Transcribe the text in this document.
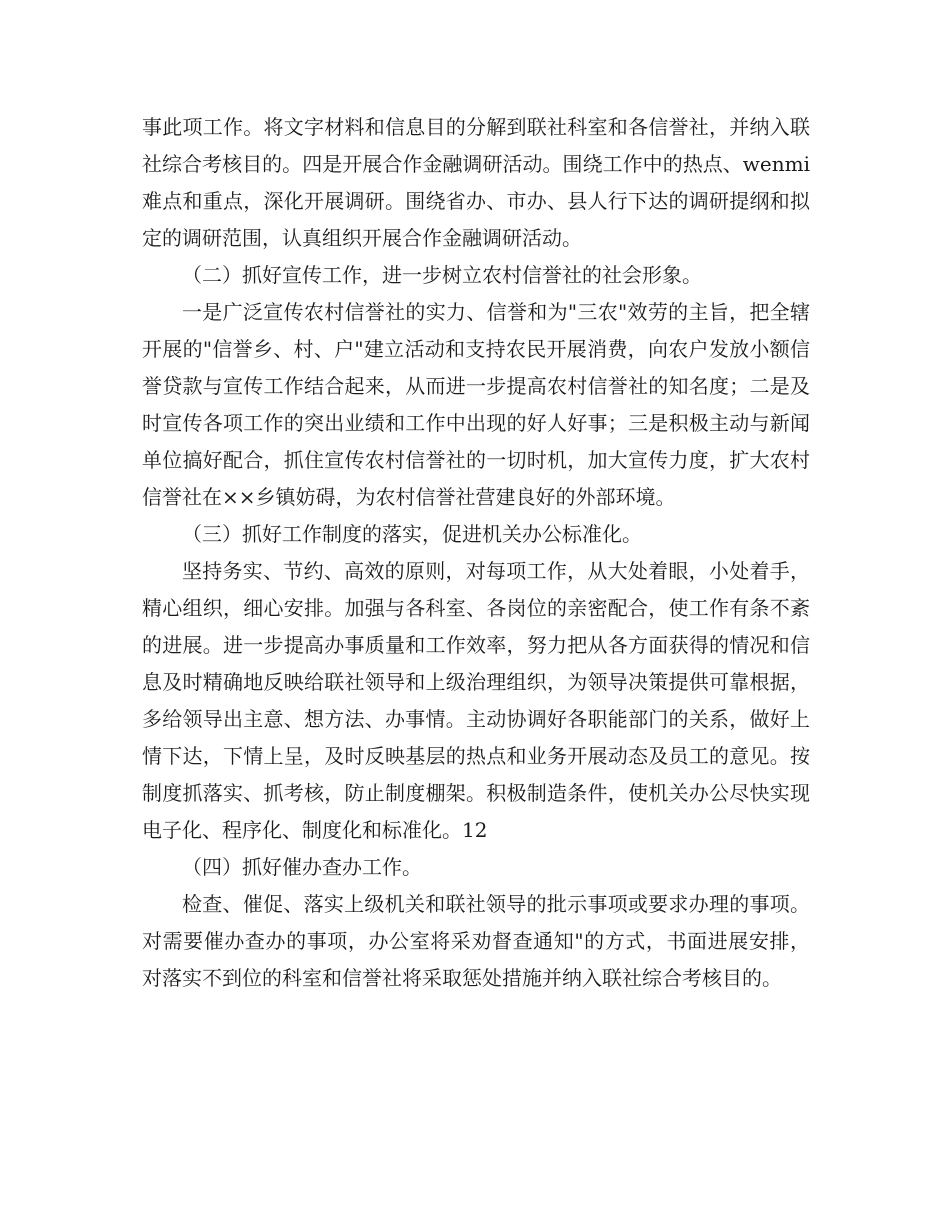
事此项工作。将文字材料和信息目的分解到联社科室和各信誉社，并纳入联社综合考核目的。四是开展合作金融调研活动。围绕工作中的热点、wenmi难点和重点，深化开展调研。围绕省办、市办、县人行下达的调研提纲和拟定的调研范围，认真组织开展合作金融调研活动。

（二）抓好宣传工作，进一步树立农村信誉社的社会形象。

一是广泛宣传农村信誉社的实力、信誉和为"三农"效劳的主旨，把全辖开展的"信誉乡、村、户"建立活动和支持农民开展消费，向农户发放小额信誉贷款与宣传工作结合起来，从而进一步提高农村信誉社的知名度；二是及时宣传各项工作的突出业绩和工作中出现的好人好事；三是积极主动与新闻单位搞好配合，抓住宣传农村信誉社的一切时机，加大宣传力度，扩大农村信誉社在××乡镇妨碍，为农村信誉社营建良好的外部环境。

（三）抓好工作制度的落实，促进机关办公标准化。

坚持务实、节约、高效的原则，对每项工作，从大处着眼，小处着手，精心组织，细心安排。加强与各科室、各岗位的亲密配合，使工作有条不紊的进展。进一步提高办事质量和工作效率，努力把从各方面获得的情况和信息及时精确地反映给联社领导和上级治理组织，为领导决策提供可靠根据，多给领导出主意、想方法、办事情。主动协调好各职能部门的关系，做好上情下达，下情上呈，及时反映基层的热点和业务开展动态及员工的意见。按制度抓落实、抓考核，防止制度棚架。积极制造条件，使机关办公尽快实现电子化、程序化、制度化和标准化。12

（四）抓好催办查办工作。

检查、催促、落实上级机关和联社领导的批示事项或要求办理的事项。对需要催办查办的事项，办公室将采劝督查通知"的方式，书面进展安排，对落实不到位的科室和信誉社将采取惩处措施并纳入联社综合考核目的。
